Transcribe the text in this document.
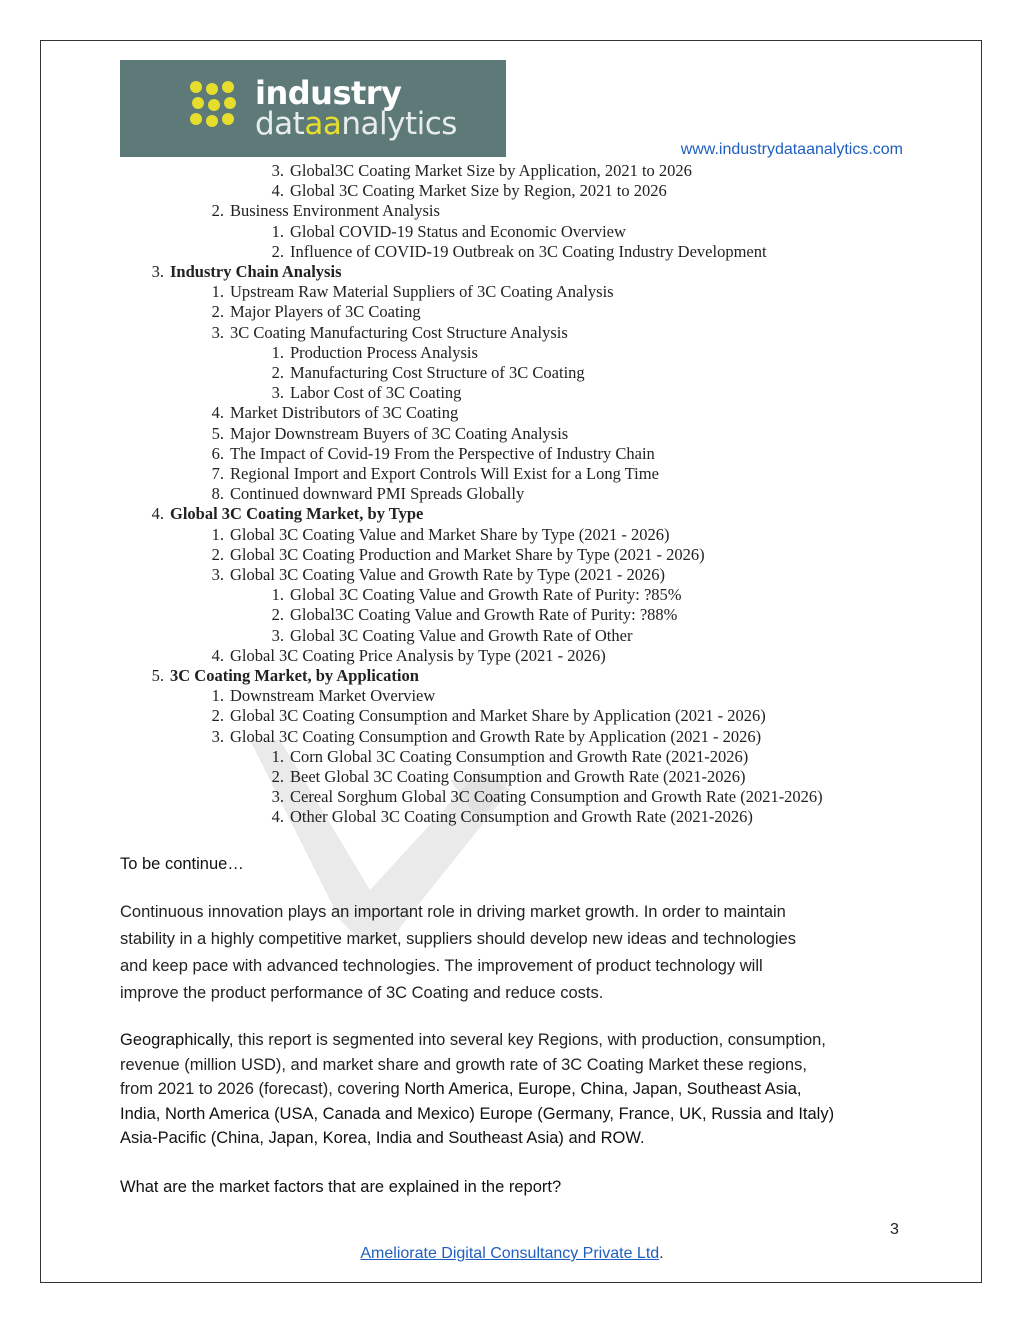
industry
dataanalytics
www.industrydataanalytics.com
3. Global3C Coating Market Size by Application, 2021 to 2026
4. Global 3C Coating Market Size by Region, 2021 to 2026
2. Business Environment Analysis
1. Global COVID-19 Status and Economic Overview
2. Influence of COVID-19 Outbreak on 3C Coating Industry Development
3. Industry Chain Analysis
1. Upstream Raw Material Suppliers of 3C Coating Analysis
2. Major Players of 3C Coating
3. 3C Coating Manufacturing Cost Structure Analysis
1. Production Process Analysis
2. Manufacturing Cost Structure of 3C Coating
3. Labor Cost of 3C Coating
4. Market Distributors of 3C Coating
5. Major Downstream Buyers of 3C Coating Analysis
6. The Impact of Covid-19 From the Perspective of Industry Chain
7. Regional Import and Export Controls Will Exist for a Long Time
8. Continued downward PMI Spreads Globally
4. Global 3C Coating Market, by Type
1. Global 3C Coating Value and Market Share by Type (2021 - 2026)
2. Global 3C Coating Production and Market Share by Type (2021 - 2026)
3. Global 3C Coating Value and Growth Rate by Type (2021 - 2026)
1. Global 3C Coating Value and Growth Rate of Purity: ?85%
2. Global3C Coating Value and Growth Rate of Purity: ?88%
3. Global 3C Coating Value and Growth Rate of Other
4. Global 3C Coating Price Analysis by Type (2021 - 2026)
5. 3C Coating Market, by Application
1. Downstream Market Overview
2. Global 3C Coating Consumption and Market Share by Application (2021 - 2026)
3. Global 3C Coating Consumption and Growth Rate by Application (2021 - 2026)
1. Corn Global 3C Coating Consumption and Growth Rate (2021-2026)
2. Beet Global 3C Coating Consumption and Growth Rate (2021-2026)
3. Cereal Sorghum Global 3C Coating Consumption and Growth Rate (2021-2026)
4. Other Global 3C Coating Consumption and Growth Rate (2021-2026)
To be continue…
Continuous innovation plays an important role in driving market growth. In order to maintain
stability in a highly competitive market, suppliers should develop new ideas and technologies
and keep pace with advanced technologies. The improvement of product technology will
improve the product performance of 3C Coating and reduce costs.
Geographically, this report is segmented into several key Regions, with production, consumption,
revenue (million USD), and market share and growth rate of 3C Coating Market these regions,
from 2021 to 2026 (forecast), covering North America, Europe, China, Japan, Southeast Asia,
India, North America (USA, Canada and Mexico) Europe (Germany, France, UK, Russia and Italy)
Asia-Pacific (China, Japan, Korea, India and Southeast Asia) and ROW.
What are the market factors that are explained in the report?
3
Ameliorate Digital Consultancy Private Ltd.
